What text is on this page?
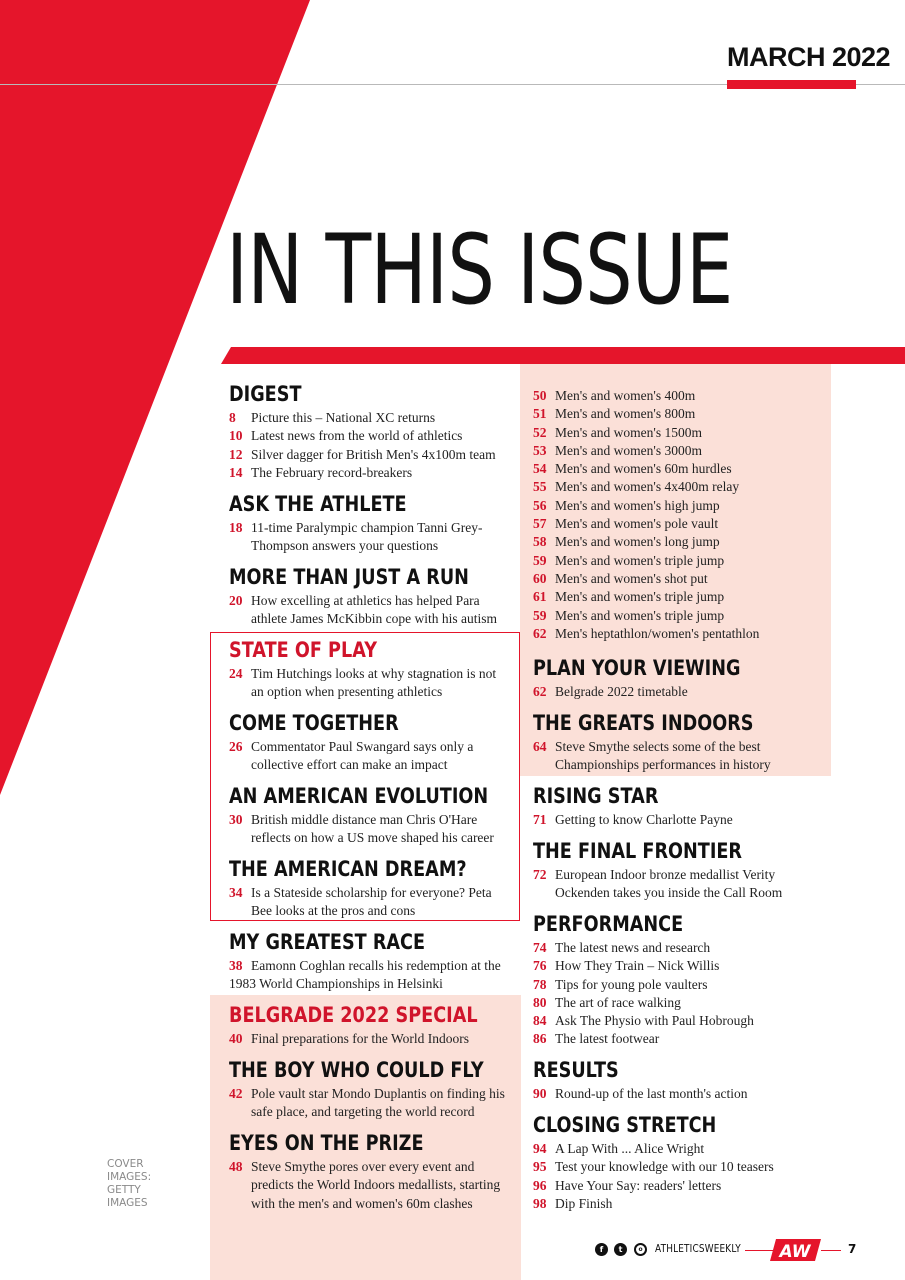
MARCH 2022
IN THIS ISSUE
DIGEST
8 Picture this – National XC returns
10 Latest news from the world of athletics
12 Silver dagger for British Men's 4x100m team
14 The February record-breakers
ASK THE ATHLETE
18 11-time Paralympic champion Tanni Grey-Thompson answers your questions
MORE THAN JUST A RUN
20 How excelling at athletics has helped Para athlete James McKibbin cope with his autism
STATE OF PLAY
24 Tim Hutchings looks at why stagnation is not an option when presenting athletics
COME TOGETHER
26 Commentator Paul Swangard says only a collective effort can make an impact
AN AMERICAN EVOLUTION
30 British middle distance man Chris O'Hare reflects on how a US move shaped his career
THE AMERICAN DREAM?
34 Is a Stateside scholarship for everyone? Peta Bee looks at the pros and cons
MY GREATEST RACE
38 Eamonn Coghlan recalls his redemption at the 1983 World Championships in Helsinki
BELGRADE 2022 SPECIAL
40 Final preparations for the World Indoors
THE BOY WHO COULD FLY
42 Pole vault star Mondo Duplantis on finding his safe place, and targeting the world record
EYES ON THE PRIZE
48 Steve Smythe pores over every event and predicts the World Indoors medallists, starting with the men's and women's 60m clashes
50 Men's and women's 400m
51 Men's and women's 800m
52 Men's and women's 1500m
53 Men's and women's 3000m
54 Men's and women's 60m hurdles
55 Men's and women's 4x400m relay
56 Men's and women's high jump
57 Men's and women's pole vault
58 Men's and women's long jump
59 Men's and women's triple jump
60 Men's and women's shot put
61 Men's and women's triple jump
59 Men's and women's triple jump
62 Men's heptathlon/women's pentathlon
PLAN YOUR VIEWING
62 Belgrade 2022 timetable
THE GREATS INDOORS
64 Steve Smythe selects some of the best Championships performances in history
RISING STAR
71 Getting to know Charlotte Payne
THE FINAL FRONTIER
72 European Indoor bronze medallist Verity Ockenden takes you inside the Call Room
PERFORMANCE
74 The latest news and research
76 How They Train – Nick Willis
78 Tips for young pole vaulters
80 The art of race walking
84 Ask The Physio with Paul Hobrough
86 The latest footwear
RESULTS
90 Round-up of the last month's action
CLOSING STRETCH
94 A Lap With ... Alice Wright
95 Test your knowledge with our 10 teasers
96 Have Your Say: readers' letters
98 Dip Finish
COVER IMAGES: GETTY IMAGES
f	t	o	ATHLETICSWEEKLY AW	7
